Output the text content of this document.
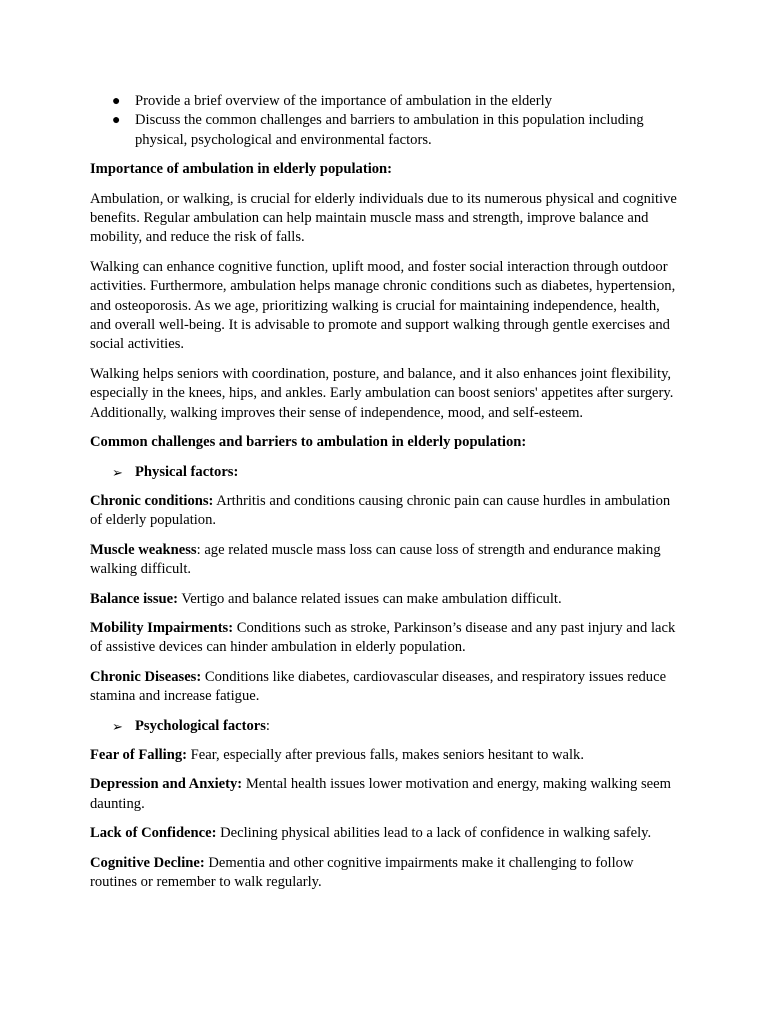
● Provide a brief overview of the importance of ambulation in the elderly
● Discuss the common challenges and barriers to ambulation in this population including physical, psychological and environmental factors.

Importance of ambulation in elderly population:

Ambulation, or walking, is crucial for elderly individuals due to its numerous physical and cognitive benefits. Regular ambulation can help maintain muscle mass and strength, improve balance and mobility, and reduce the risk of falls.

Walking can enhance cognitive function, uplift mood, and foster social interaction through outdoor activities. Furthermore, ambulation helps manage chronic conditions such as diabetes, hypertension, and osteoporosis. As we age, prioritizing walking is crucial for maintaining independence, health, and overall well-being. It is advisable to promote and support walking through gentle exercises and social activities.

Walking helps seniors with coordination, posture, and balance, and it also enhances joint flexibility, especially in the knees, hips, and ankles. Early ambulation can boost seniors' appetites after surgery. Additionally, walking improves their sense of independence, mood, and self-esteem.

Common challenges and barriers to ambulation in elderly population:

➢ Physical factors:

Chronic conditions: Arthritis and conditions causing chronic pain can cause hurdles in ambulation of elderly population.

Muscle weakness: age related muscle mass loss can cause loss of strength and endurance making walking difficult.

Balance issue: Vertigo and balance related issues can make ambulation difficult.

Mobility Impairments: Conditions such as stroke, Parkinson’s disease and any past injury and lack of assistive devices can hinder ambulation in elderly population.

Chronic Diseases: Conditions like diabetes, cardiovascular diseases, and respiratory issues reduce stamina and increase fatigue.

➢ Psychological factors:

Fear of Falling: Fear, especially after previous falls, makes seniors hesitant to walk.

Depression and Anxiety: Mental health issues lower motivation and energy, making walking seem daunting.

Lack of Confidence: Declining physical abilities lead to a lack of confidence in walking safely.

Cognitive Decline: Dementia and other cognitive impairments make it challenging to follow routines or remember to walk regularly.
